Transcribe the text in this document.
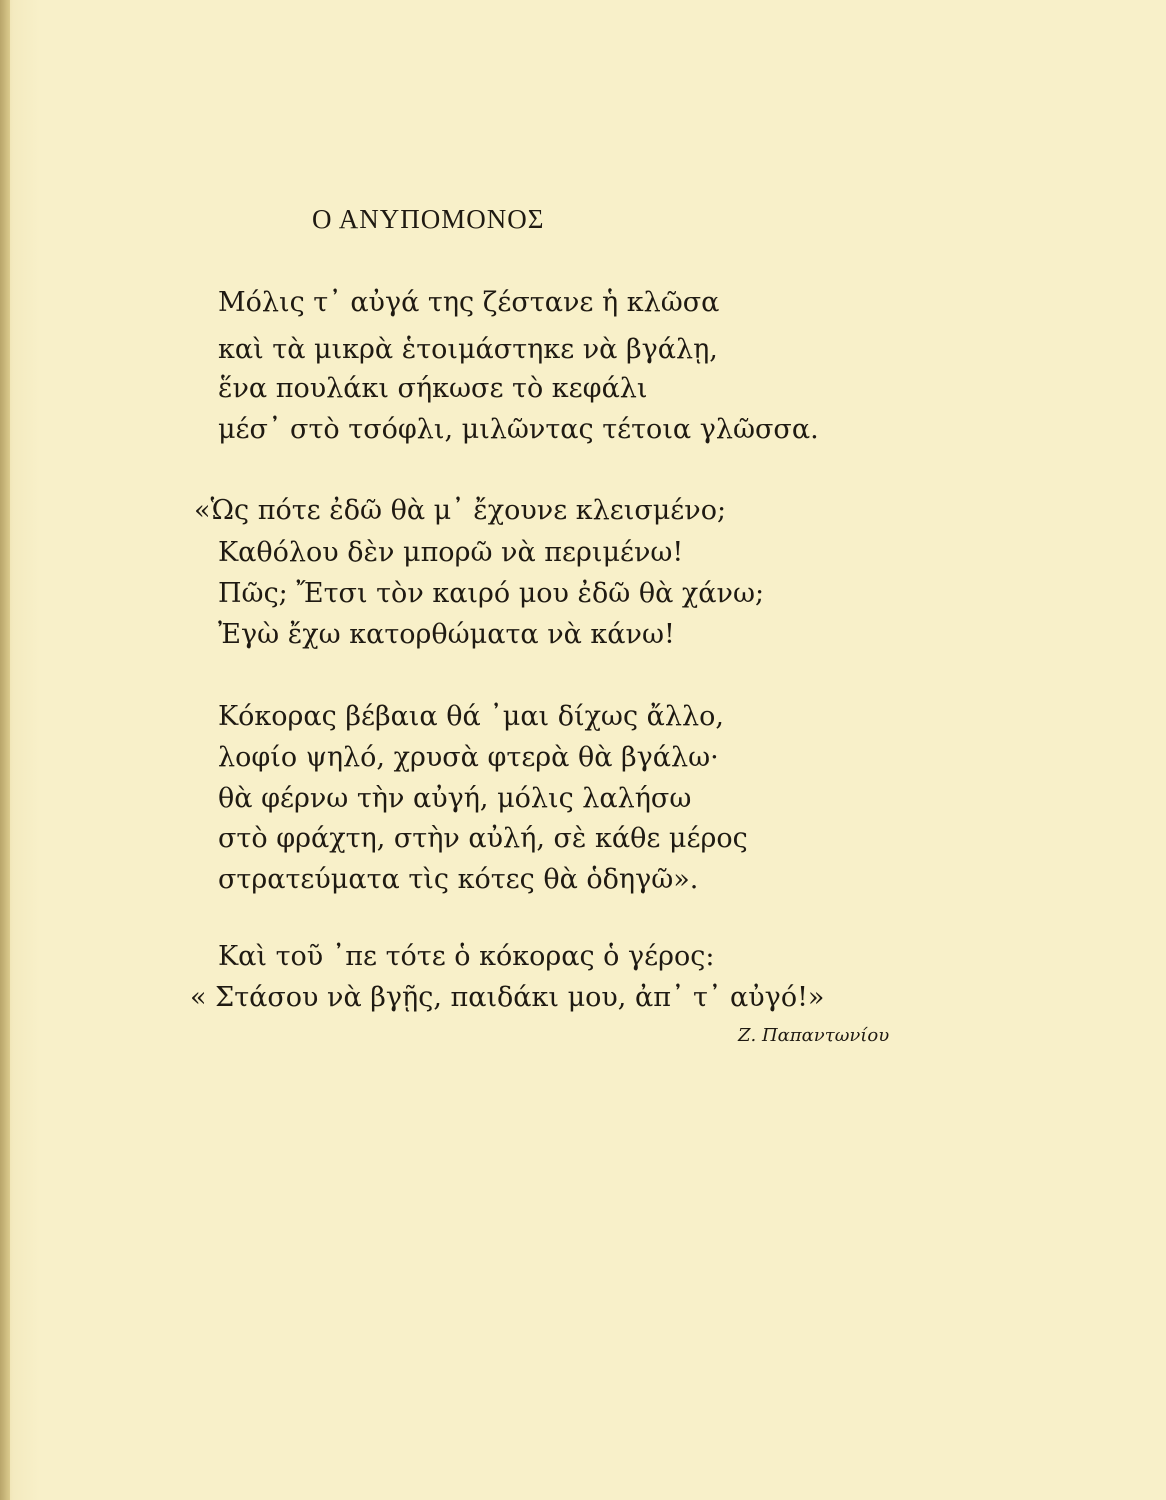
Ο ΑΝΥΠΟΜΟΝΟΣ
Μόλις τ᾽ αὐγά της ζέστανε ἡ κλῶσα
καὶ τὰ μικρὰ ἑτοιμάστηκε νὰ βγάλῃ,
ἕνα πουλάκι σήκωσε τὸ κεφάλι
μέσ᾽ στὸ τσόφλι, μιλῶντας τέτοια γλῶσσα.
«Ὡς πότε ἐδῶ θὰ μ᾽ ἔχουνε κλεισμένο;
Καθόλου δὲν μπορῶ νὰ περιμένω!
Πῶς; Ἔτσι τὸν καιρό μου ἐδῶ θὰ χάνω;
Ἐγὼ ἔχω κατορθώματα νὰ κάνω!
Κόκορας βέβαια θά ᾽μαι δίχως ἄλλο,
λοφίο ψηλό, χρυσὰ φτερὰ θὰ βγάλω·
θὰ φέρνω τὴν αὐγή, μόλις λαλήσω
στὸ φράχτη, στὴν αὐλή, σὲ κάθε μέρος
στρατεύματα τὶς κότες θὰ ὁδηγῶ».
Καὶ τοῦ ᾽πε τότε ὁ κόκορας ὁ γέρος:
« Στάσου νὰ βγῇς, παιδάκι μου, ἀπ᾽ τ᾽ αὐγό!»
Ζ. Παπαντωνίου
